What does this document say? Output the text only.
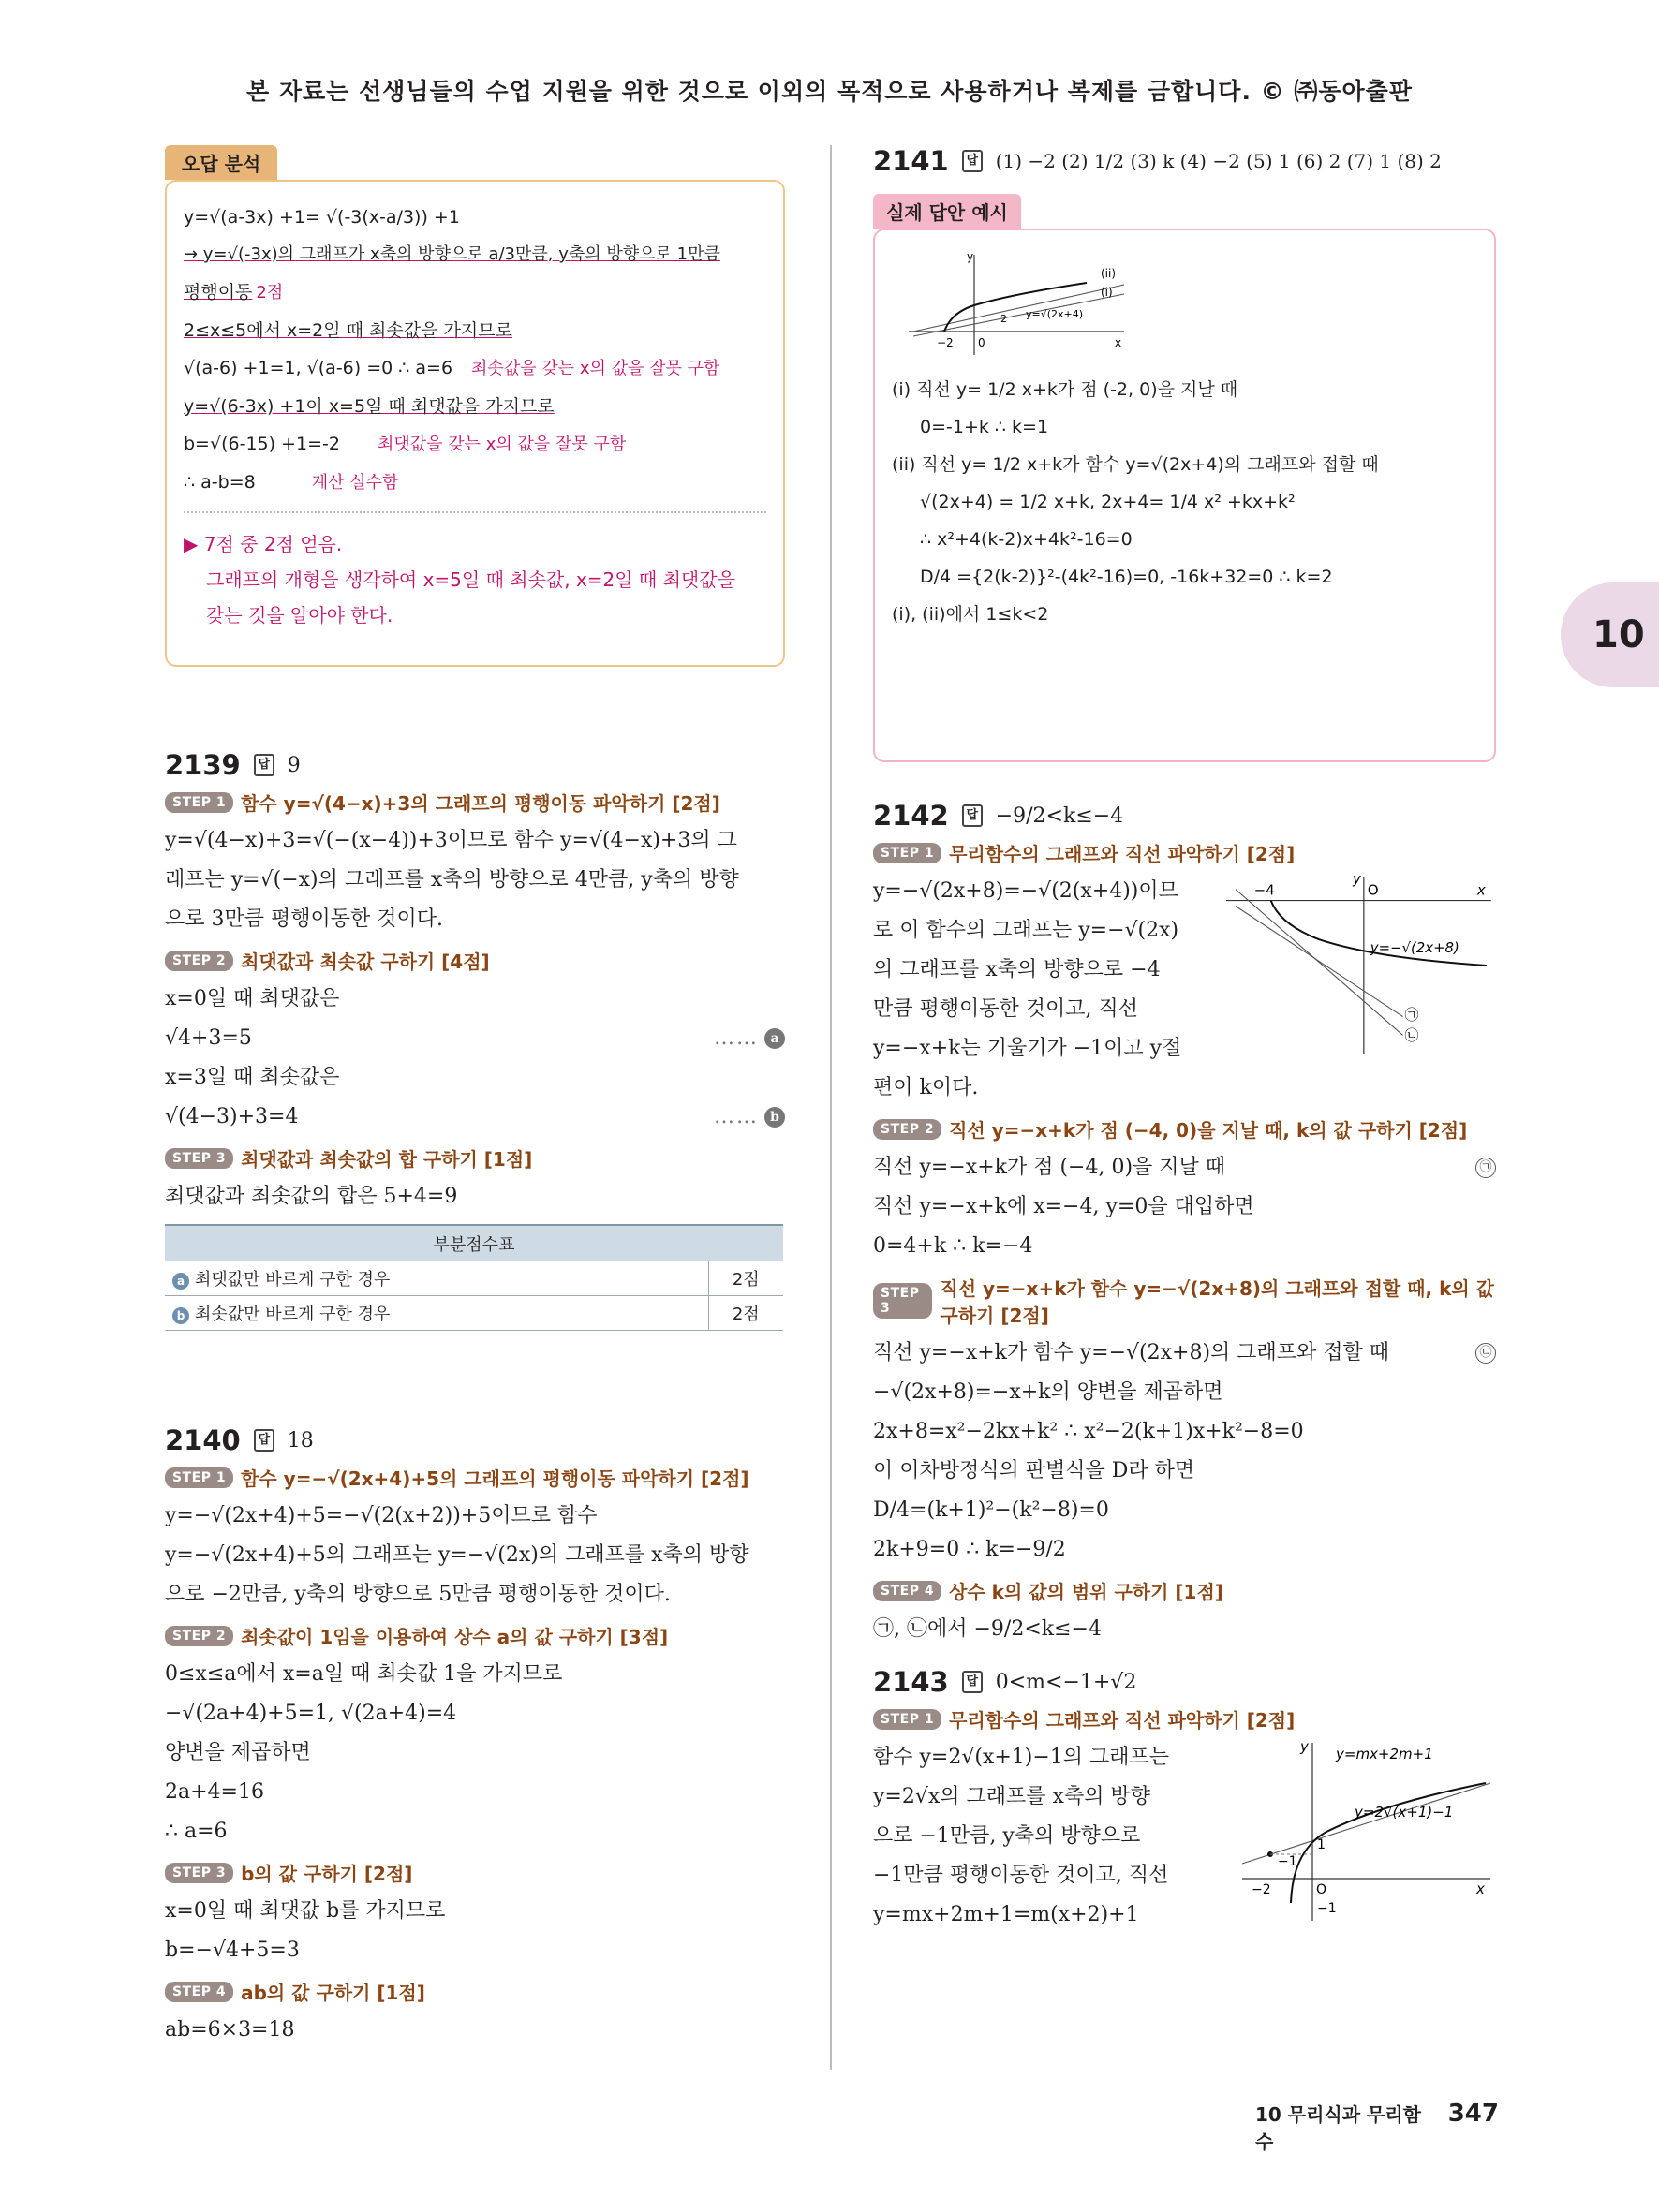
본 자료는 선생님들의 수업 지원을 위한 것으로 이외의 목적으로 사용하거나 복제를 금합니다. © ㈜동아출판
오답 분석
y=√(a-3x) +1= √(-3(x-a/3)) +1
→ y=√(-3x)의 그래프가 x축의 방향으로 a/3만큼, y축의 방향으로 1만큼
평행이동 2점
2≤x≤5에서 x=2일 때 최솟값을 가지므로
√(a-6) +1=1, √(a-6) =0 ∴ a=6 최솟값을 갖는 x의 값을 잘못 구함
y=√(6-3x) +1이 x=5일 때 최댓값을 가지므로
b=√(6-15) +1=-2 최댓값을 갖는 x의 값을 잘못 구함
∴ a-b=8	계산 실수함
▶ 7점 중 2점 얻음.
그래프의 개형을 생각하여 x=5일 때 최솟값, x=2일 때 최댓값을
갖는 것을 알아야 한다.
2139	답 9
STEP 1 함수 y=√(4−x)+3의 그래프의 평행이동 파악하기 [2점]
y=√(4−x)+3=√(−(x−4))+3이므로 함수 y=√(4−x)+3의 그
래프는 y=√(−x)의 그래프를 x축의 방향으로 4만큼, y축의 방향
으로 3만큼 평행이동한 것이다.
STEP 2 최댓값과 최솟값 구하기 [4점]
x=0일 때 최댓값은
√4+3=5	…… a
x=3일 때 최솟값은
√(4−3)+3=4	…… b
STEP 3 최댓값과 최솟값의 합 구하기 [1점]
최댓값과 최솟값의 합은 5+4=9
부분점수표	
a 최댓값만 바르게 구한 경우	2점
b 최솟값만 바르게 구한 경우	2점
2140	답 18
STEP 1 함수 y=−√(2x+4)+5의 그래프의 평행이동 파악하기 [2점]
y=−√(2x+4)+5=−√(2(x+2))+5이므로 함수
y=−√(2x+4)+5의 그래프는 y=−√(2x)의 그래프를 x축의 방향
으로 −2만큼, y축의 방향으로 5만큼 평행이동한 것이다.
STEP 2 최솟값이 1임을 이용하여 상수 a의 값 구하기 [3점]
0≤x≤a에서 x=a일 때 최솟값 1을 가지므로
−√(2a+4)+5=1, √(2a+4)=4
양변을 제곱하면
2a+4=16
∴ a=6
STEP 3 b의 값 구하기 [2점]
x=0일 때 최댓값 b를 가지므로
b=−√4+5=3
STEP 4 ab의 값 구하기 [1점]
ab=6×3=18
2141	답 (1) −2 (2) 1/2 (3) k (4) −2 (5) 1 (6) 2 (7) 1 (8) 2
실제 답안 예시
y
(ii)
(i)
y=√(2x+4)
2
−2 0	x
(i) 직선 y= 1/2 x+k가 점 (-2, 0)을 지날 때
0=-1+k ∴ k=1
(ii) 직선 y= 1/2 x+k가 함수 y=√(2x+4)의 그래프와 접할 때
√(2x+4) = 1/2 x+k, 2x+4= 1/4 x² +kx+k²
∴ x²+4(k-2)x+4k²-16=0
D/4 ={2(k-2)}²-(4k²-16)=0, -16k+32=0 ∴ k=2
(i), (ii)에서 1≤k<2
2142	답 −9/2<k≤−4
STEP 1 무리함수의 그래프와 직선 파악하기 [2점]
y=−√(2x+8)=−√(2(x+4))이므
로 이 함수의 그래프는 y=−√(2x)
의 그래프를 x축의 방향으로 −4
만큼 평행이동한 것이고, 직선
y=−x+k는 기울기가 −1이고 y절
편이 k이다.
y
−4	O	x
y=−√(2x+8)
㉠
㉡
STEP 2 직선 y=−x+k가 점 (−4, 0)을 지날 때, k의 값 구하기 [2점]
직선 y=−x+k가 점 (−4, 0)을 지날 때	㉠
직선 y=−x+k에 x=−4, y=0을 대입하면
0=4+k ∴ k=−4
STEP 3
직선 y=−x+k가 함수 y=−√(2x+8)의 그래프와 접할 때, k의 값 구하기 [2점]
직선 y=−x+k가 함수 y=−√(2x+8)의 그래프와 접할 때	㉡
−√(2x+8)=−x+k의 양변을 제곱하면
2x+8=x²−2kx+k² ∴ x²−2(k+1)x+k²−8=0
이 이차방정식의 판별식을 D라 하면
D/4=(k+1)²−(k²−8)=0
2k+9=0 ∴ k=−9/2
STEP 4 상수 k의 값의 범위 구하기 [1점]
㉠, ㉡에서 −9/2<k≤−4
2143	답 0<m<−1+√2
STEP 1 무리함수의 그래프와 직선 파악하기 [2점]
함수 y=2√(x+1)−1의 그래프는
y=2√x의 그래프를 x축의 방향
으로 −1만큼, y축의 방향으로
−1만큼 평행이동한 것이고, 직선
y=mx+2m+1=m(x+2)+1
y y=mx+2m+1
y=2√(x+1)−1
1
−1
−2	O
−1
x
10
10 무리식과 무리함수
347
